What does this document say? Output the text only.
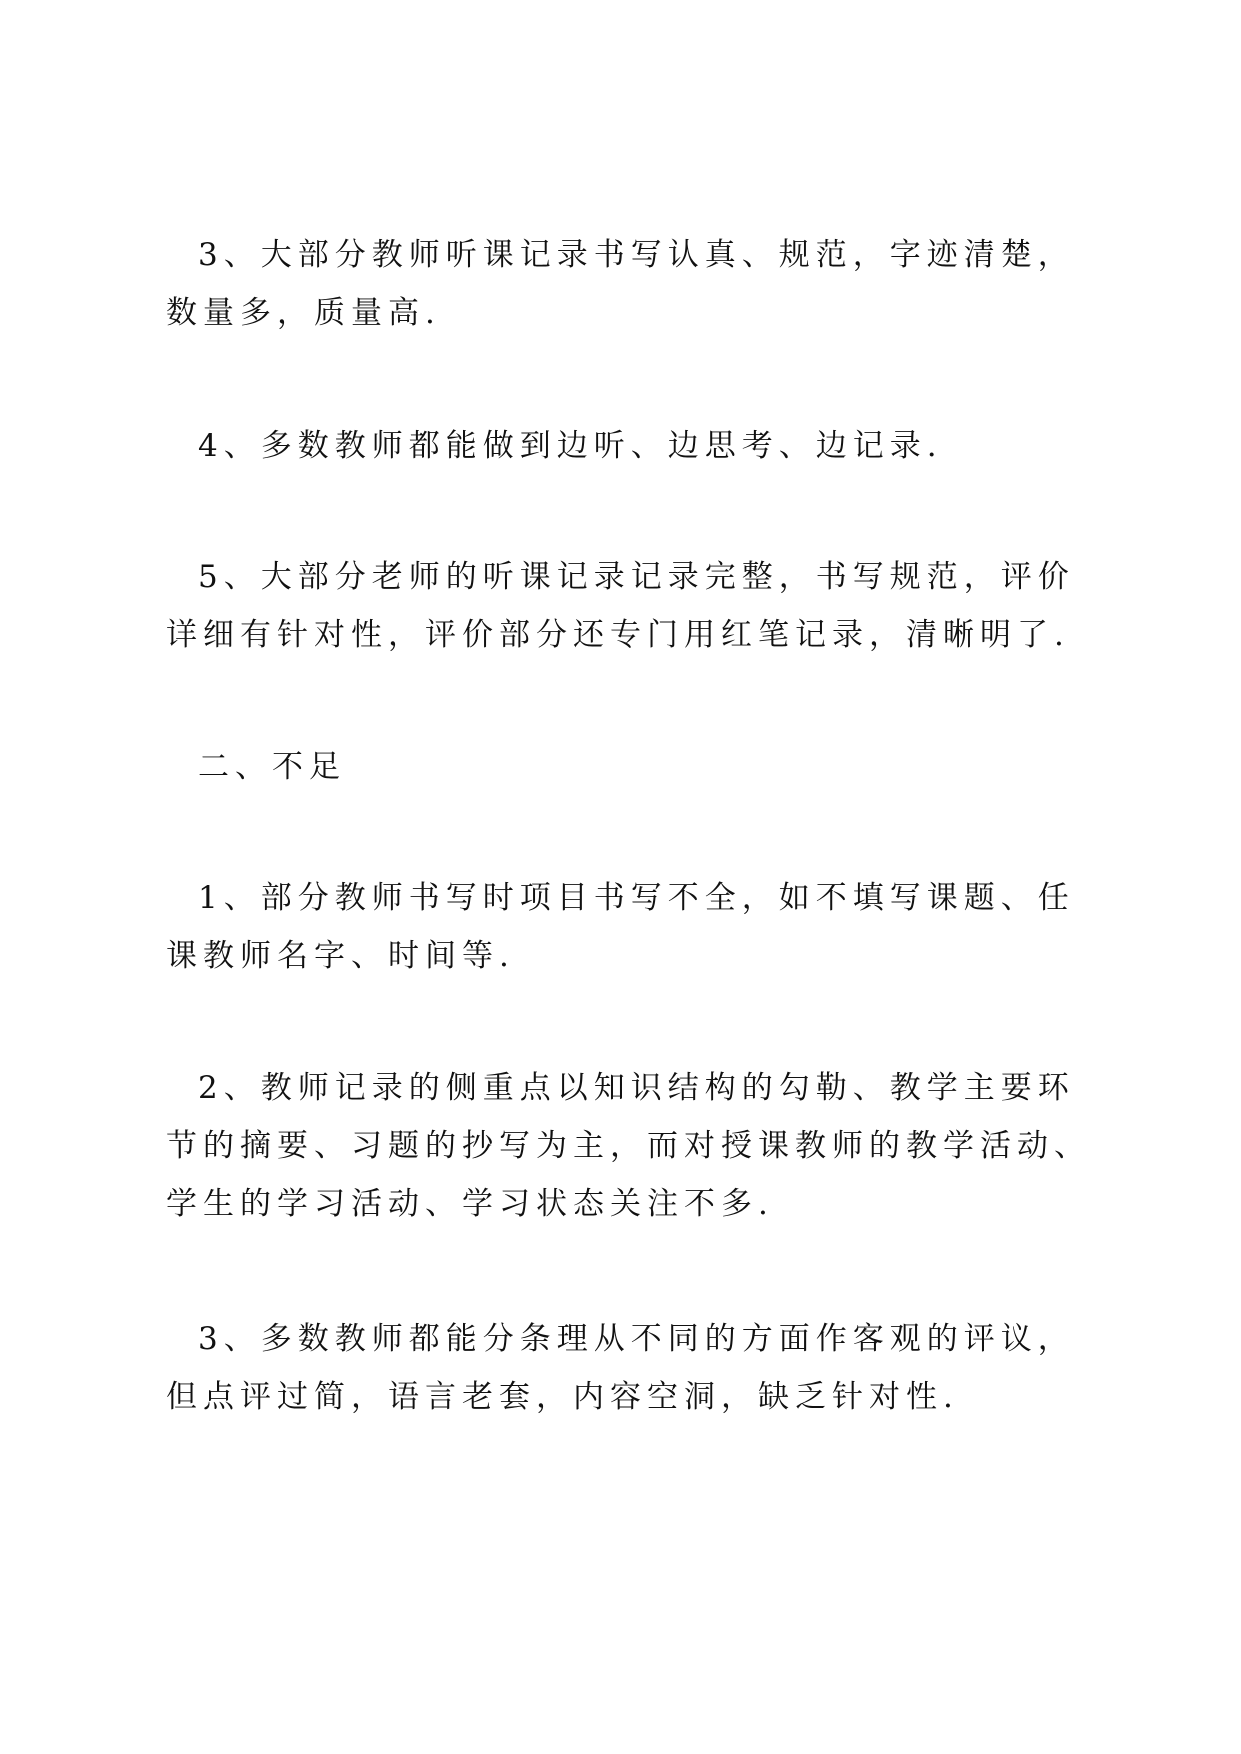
3、大部分教师听课记录书写认真、规范，字迹清楚，数量多，质量高.

4、多数教师都能做到边听、边思考、边记录.

5、大部分老师的听课记录记录完整，书写规范，评价详细有针对性，评价部分还专门用红笔记录，清晰明了.

二、不足

1、部分教师书写时项目书写不全，如不填写课题、任课教师名字、时间等.

2、教师记录的侧重点以知识结构的勾勒、教学主要环节的摘要、习题的抄写为主，而对授课教师的教学活动、学生的学习活动、学习状态关注不多.

3、多数教师都能分条理从不同的方面作客观的评议，但点评过简，语言老套，内容空洞，缺乏针对性.
